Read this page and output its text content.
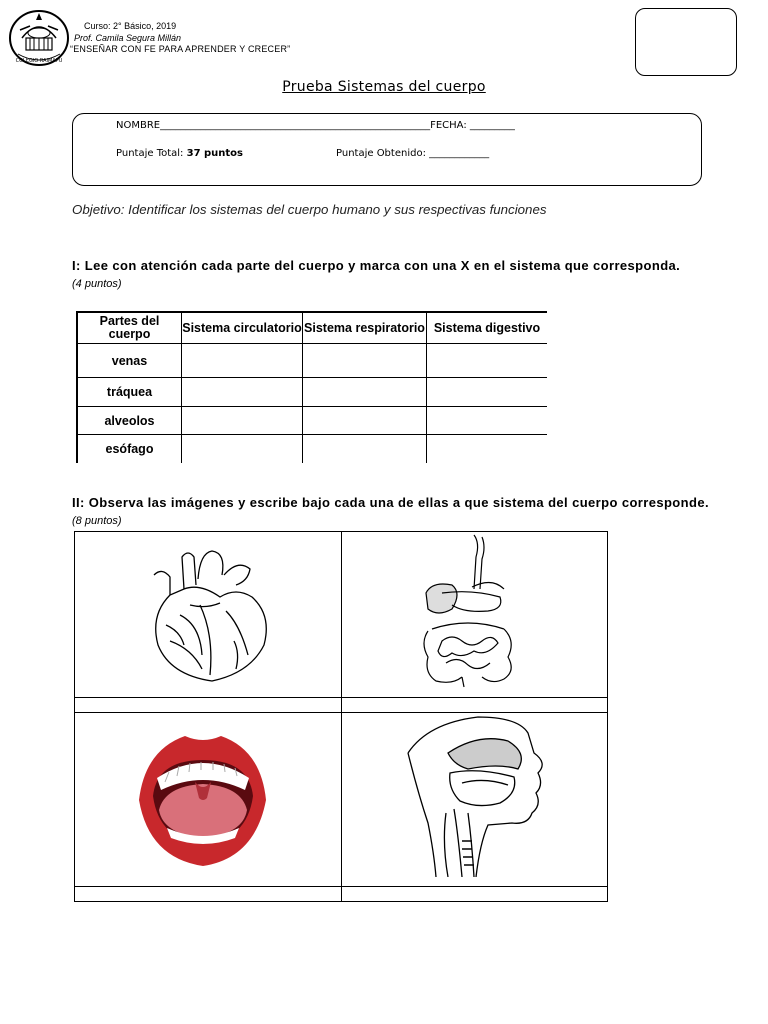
COLEGIO RAIMAPU
Curso: 2° Básico, 2019
Prof. Camila Segura Millán
“ENSEÑAR CON FE PARA APRENDER Y CRECER”
Prueba Sistemas del cuerpo
NOMBRE______________________________________________________FECHA: _________
Puntaje Total: 37 puntos	Puntaje Obtenido: ____________
Objetivo: Identificar los sistemas del cuerpo humano y sus respectivas funciones
I: Lee con atención cada parte del cuerpo y marca con una X en el sistema que corresponda. (4 puntos)
Partes del cuerpo	Sistema circulatorio	Sistema respiratorio	Sistema digestivo
venas			
tráquea			
alveolos			
esófago			
II: Observa las imágenes y escribe bajo cada una de ellas a que sistema del cuerpo corresponde. (8 puntos)
